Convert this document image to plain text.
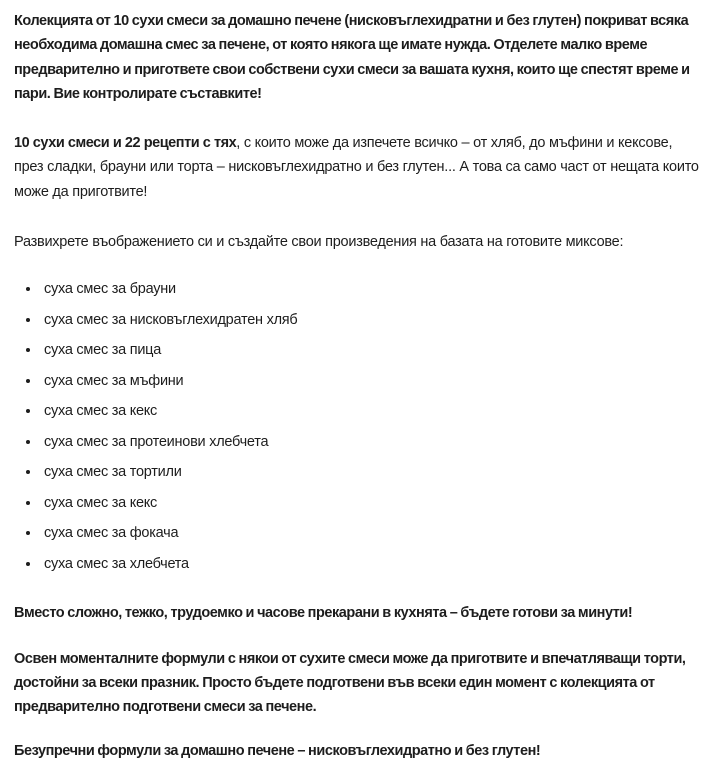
Колекцията от 10 сухи смеси за домашно печене (нисковъглехидратни и без глутен) покриват всяка необходима домашна смес за печене, от която някога ще имате нужда. Отделете малко време предварително и пригответе свои собствени сухи смеси за вашата кухня, които ще спестят време и пари. Вие контролирате съставките!

10 сухи смеси и 22 рецепти с тях, с които може да изпечете всичко – от хляб, до мъфини и кексове, през сладки, брауни или торта – нисковъглехидратно и без глутен... А това са само част от нещата които може да приготвите!

Развихрете въображението си и създайте свои произведения на базата на готовите миксове:

• суха смес за брауни
• суха смес за нисковъглехидратен хляб
• суха смес за пица
• суха смес за мъфини
• суха смес за кекс
• суха смес за протеинови хлебчета
• суха смес за тортили
• суха смес за кекс
• суха смес за фокача
• суха смес за хлебчета

Вместо сложно, тежко, трудоемко и часове прекарани в кухнята – бъдете готови за минути!

Освен моменталните формули с някои от сухите смеси може да приготвите и впечатляващи торти, достойни за всеки празник. Просто бъдете подготвени във всеки един момент с колекцията от предварително подготвени смеси за печене.

Безупречни формули за домашно печене – нисковъглехидратно и без глутен!
